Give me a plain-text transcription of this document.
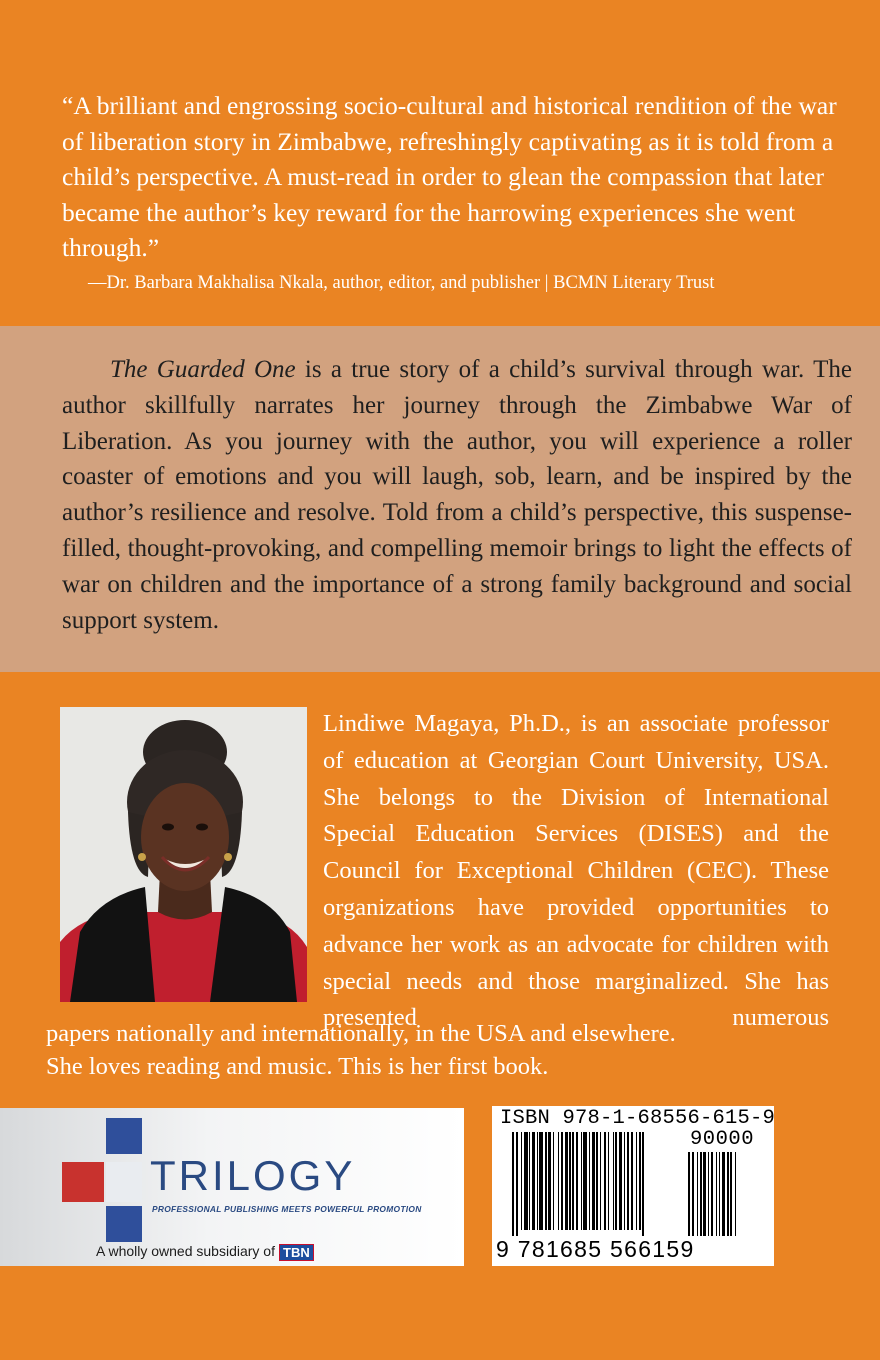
“A brilliant and engrossing socio-cultural and historical rendition of the war of liberation story in Zimbabwe, refreshingly captivating as it is told from a child’s perspective. A must-read in order to glean the compassion that later became the author’s key reward for the harrowing experiences she went through.”
—Dr. Barbara Makhalisa Nkala, author, editor, and publisher | BCMN Literary Trust
The Guarded One is a true story of a child’s survival through war. The author skillfully narrates her journey through the Zimbabwe War of Liberation. As you journey with the author, you will experience a roller coaster of emotions and you will laugh, sob, learn, and be inspired by the author’s resilience and resolve. Told from a child’s perspective, this suspense-filled, thought-provoking, and compelling memoir brings to light the effects of war on children and the importance of a strong family background and social support system.
Lindiwe Magaya, Ph.D., is an associate professor of education at Georgian Court University, USA. She belongs to the Division of International Special Education Services (DISES) and the Council for Exceptional Children (CEC). These organizations have provided opportunities to advance her work as an advocate for children with special needs and those marginalized. She has presented numerous
papers nationally and internationally, in the USA and elsewhere.
She loves reading and music. This is her first book.
TRILOGY
PROFESSIONAL PUBLISHING MEETS POWERFUL PROMOTION
A wholly owned subsidiary of TBN
ISBN 978-1-68556-615-9
90000
9 781685 566159
